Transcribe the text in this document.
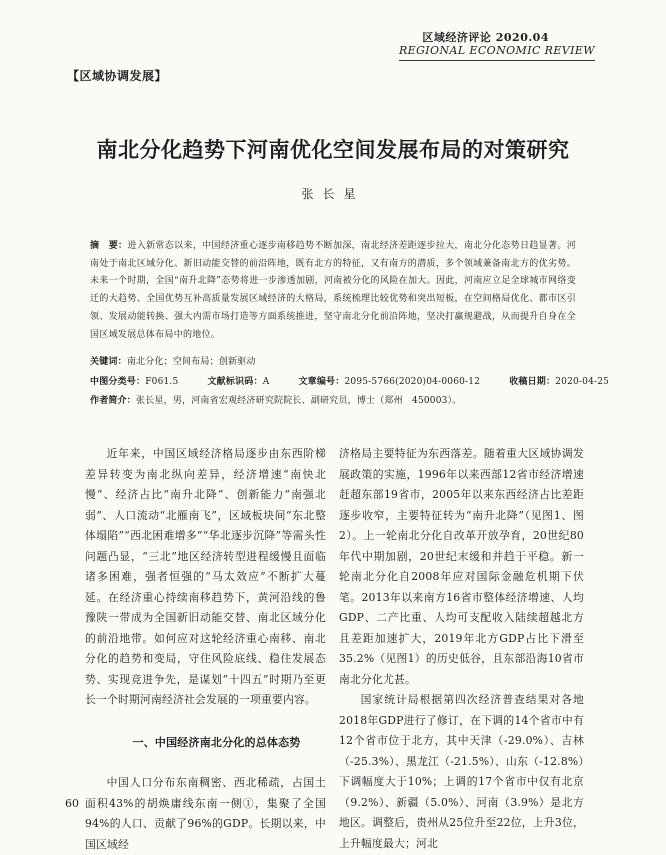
区域经济评论 2020.04
REGIONAL ECONOMIC REVIEW
【区域协调发展】
南北分化趋势下河南优化空间发展布局的对策研究
张长星
摘　要：进入新常态以来，中国经济重心逐步南移趋势不断加深，南北经济差距逐步拉大，南北分化态势日趋显著。河南处于南北区域分化、新旧动能交替的前沿阵地，既有北方的特征，又有南方的潜质，多个领域兼备南北方的优劣势。未来一个时期，全国“南升北降”态势将进一步渗透加剧，河南被分化的风险在加大。因此，河南应立足全球城市网络变迁的大趋势、全国优势互补高质量发展区域经济的大格局，系统梳理比较优势和突出短板，在空间格局优化、都市区引领、发展动能转换、强大内需市场打造等方面系统推进，坚守南北分化前沿阵地，坚决打赢规避战，从而提升自身在全国区域发展总体布局中的地位。
关键词：南北分化；空间布局；创新驱动
中图分类号：F061.5	文献标识码：A	文章编号：2095-5766(2020)04-0060-12	收稿日期：2020-04-25
作者简介：张长星，男，河南省宏观经济研究院院长、副研究员，博士（郑州　450003）。

近年来，中国区域经济格局逐步由东西阶梯差异转变为南北纵向差异，经济增速“南快北慢”、经济占比“南升北降”、创新能力“南强北弱”、人口流动“北雁南飞”，区域板块间“东北整体塌陷”“西北困难增多”“华北逐步沉降”等需头性问题凸显，“三北”地区经济转型进程缓慢且面临诸多困难，强者恒强的“马太效应”不断扩大蔓延。在经济重心持续南移趋势下，黄河沿线的鲁豫陕一带成为全国新旧动能交替、南北区域分化的前沿地带。如何应对这轮经济重心南移、南北分化的趋势和变局，守住风险底线、稳住发展态势、实现竞进争先，是谋划“十四五”时期乃至更长一个时期河南经济社会发展的一项重要内容。

一、中国经济南北分化的总体态势

中国人口分布东南稠密、西北稀疏，占国土面积43%的胡焕庸线东南一侧①，集聚了全国94%的人口、贡献了96%的GDP。长期以来，中国区域经

济格局主要特征为东西落差。随着重大区域协调发展政策的实施，1996年以来西部12省市经济增速赶超东部19省市，2005年以来东西经济占比差距逐步收窄，主要特征转为“南升北降”（见图1、图2）。上一轮南北分化自改革开放孕育，20世纪80年代中期加剧，20世纪末缓和并趋于平稳。新一轮南北分化自2008年应对国际金融危机期下伏笔。2013年以来南方16省市整体经济增速、人均GDP、二产比重、人均可支配收入陆续超越北方且差距加速扩大，2019年北方GDP占比下滑至35.2%（见图1）的历史低谷，且东部沿海10省市南北分化尤甚。

国家统计局根据第四次经济普查结果对各地2018年GDP进行了修订，在下调的14个省市中有12个省市位于北方，其中天津（-29.0%）、吉林（-25.3%）、黑龙江（-21.5%）、山东（-12.8%）下调幅度大于10%；上调的17个省市中仅有北京（9.2%）、新疆（5.0%）、河南（3.9%）是北方地区。调整后，贵州从25位升至22位，上升3位，上升幅度最大；河北

60
